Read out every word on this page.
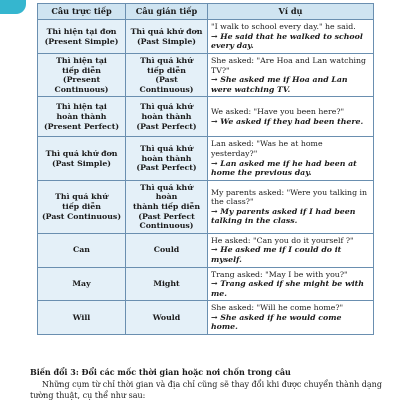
Câu trực tiếp	Câu gián tiếp	Ví dụ

Thì hiện tại đơn
(Present Simple)	Thì quá khứ đơn
(Past Simple)	"I walk to school every day." he said.
→ He said that he walked to school every day.

Thì hiện tại
tiếp diễn
(Present
Continuous)	Thì quá khứ
tiếp diễn
(Past Continuous)	She asked: "Are Hoa and Lan watching TV?"
→ She asked me if Hoa and Lan were watching TV.

Thì hiện tại
hoàn thành
(Present Perfect)	Thì quá khứ
hoàn thành
(Past Perfect)	We asked: "Have you been here?"
→ We asked if they had been there.

Thì quá khứ đơn
(Past Simple)	Thì quá khứ
hoàn thành
(Past Perfect)	Lan asked: "Was he at home yesterday?"
→ Lan asked me if he had been at home the previous day.

Thì quá khứ
tiếp diễn
(Past Continuous)	Thì quá khứ hoàn
thành tiếp diễn
(Past Perfect
Continuous)	My parents asked: "Were you talking in the class?"
→ My parents asked if I had been talking in the class.

Can	Could	He asked: "Can you do it yourself ?"
→ He asked me if I could do it myself.

May	Might	Trang asked: "May I be with you?"
→ Trang asked if she might be with me.

Will	Would	She asked: "Will he come home?"
→ She asked if he would come home.
Biến đổi 3: Đổi các mốc thời gian hoặc nơi chốn trong câu
Những cụm từ chỉ thời gian và địa chỉ cũng sẽ thay đổi khi được chuyển thành dạng tường thuật, cụ thể như sau:
